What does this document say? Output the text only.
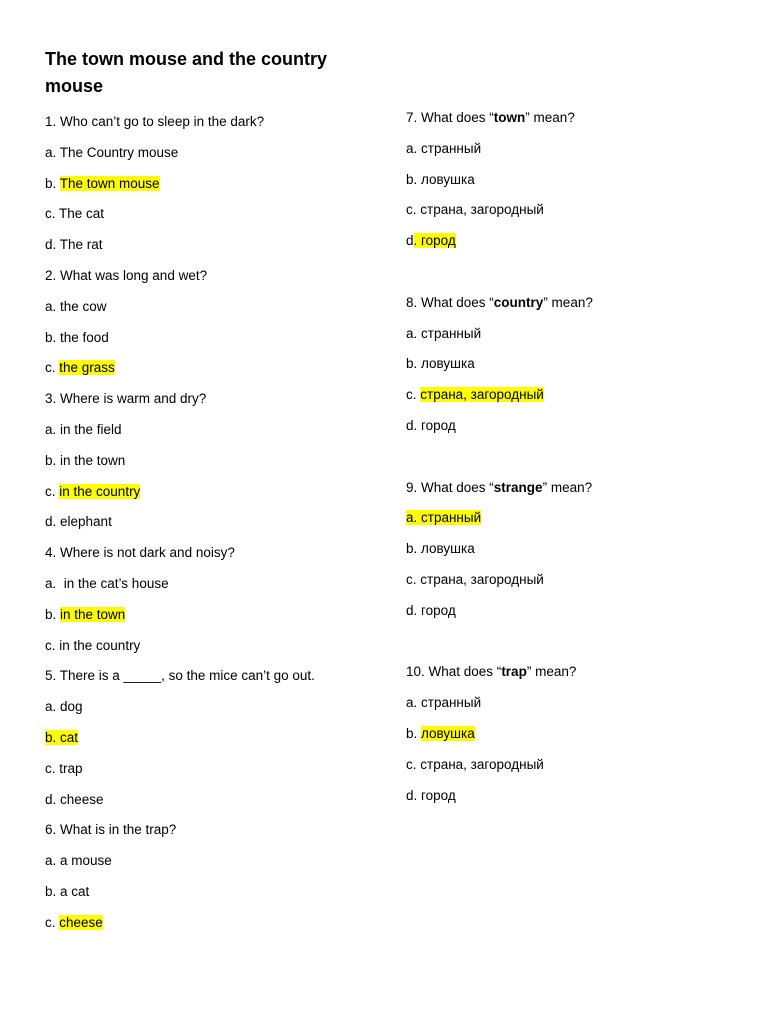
The town mouse and the country mouse
1. Who can’t go to sleep in the dark?
a. The Country mouse
b. The town mouse
c. The cat
d. The rat
2. What was long and wet?
a. the cow
b. the food
c. the grass
3. Where is warm and dry?
a. in the field
b. in the town
c. in the country
d. elephant
4. Where is not dark and noisy?
a.  in the cat’s house
b. in the town
c. in the country
5. There is a _____, so the mice can’t go out.
a. dog
b. cat
c. trap
d. cheese
6. What is in the trap?
a. a mouse
b. a cat
c. cheese
7. What does “town” mean?
a. странный
b. ловушка
c. страна, загородный
d. город
8. What does “country” mean?
a. странный
b. ловушка
c. страна, загородный
d. город
9. What does “strange” mean?
a. странный
b. ловушка
c. страна, загородный
d. город
10. What does “trap” mean?
a. странный
b. ловушка
c. страна, загородный
d. город
